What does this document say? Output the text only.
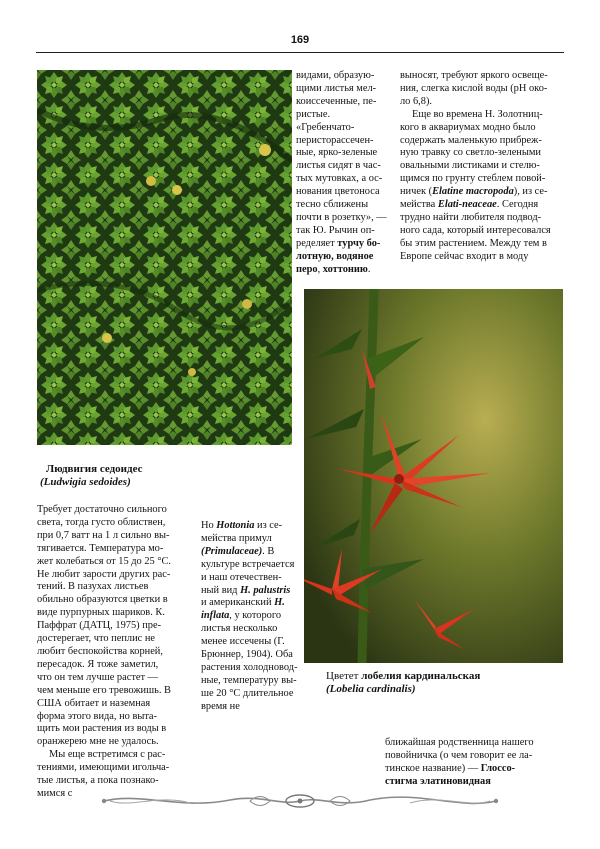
169

видами, образую-

щими листья мел-

коиссеченные, пе-

ристые.

«Гребенчато-

перистоpассечен-

ные, ярко-зеленые

листья сидят в час-

тых мутовках, а ос-

нования цветоноса

тесно сближены

почти в розетку», —

так Ю. Рычин оп-

ределяет турчу бо-

лотную, водяное

перо, хоттонию.

выносят, требуют яркого освеще-

ния, слегка кислой воды (рН око-

ло 6,8).

Еще во времена Н. Золотниц-

кого в аквариумах модно было

содержать маленькую прибреж-

ную травку со светло-зелеными

овальными листиками и стелю-

щимся по грунту стеблем повой-

ничек (Elatine macropoda), из се-

мейства Elati-neaceae. Сегодня

трудно найти любителя подвод-

ного сада, который интересовался

бы этим растением. Между тем в

Европе сейчас входит в моду

Людвигия седоидес
(Ludwigia sedoides)

Требует достаточно сильного

света, тогда густо облиствен,

при 0,7 ватт на 1 л сильно вы-

тягивается. Температура мо-

жет колебаться от 15 до 25 °С.

Не любит зарости других рас-

тений. В пазухах листьев

обильно образуются цветки в

виде пурпурных шариков. К.

Паффрат (ДАТЦ, 1975) пре-

достерегает, что пеплис не

любит беспокойства корней,

пересадок. Я тоже заметил,

что он тем лучше растет —

чем меньше его тревожишь. В

США обитает и наземная

форма этого вида, но вытa-

щить мои растения из воды в

оранжерею мне не удалось.

Мы еще встретимся с рас-

тениями, имеющими игольча-

тые листья, а пока познако-

мимся с

Но Hottonia из се-

мейства примул

(Primulaceae). В

культуре встречается

и наш отечествен-

ный вид H. palustris

и американский H.

inflata, у которого

листья несколько

менее иссечены (Г.

Брюннер, 1904). Оба

растения холодновод-

ные, температуру вы-

ше 20 °С длительное

время не

Цветет лобелия кардинальская
(Lobelia cardinalis)

ближайшая родственница нашего

повойничка (о чем говорит ее ла-

тинское название) — Глоссо-

стигма элатиновидная
